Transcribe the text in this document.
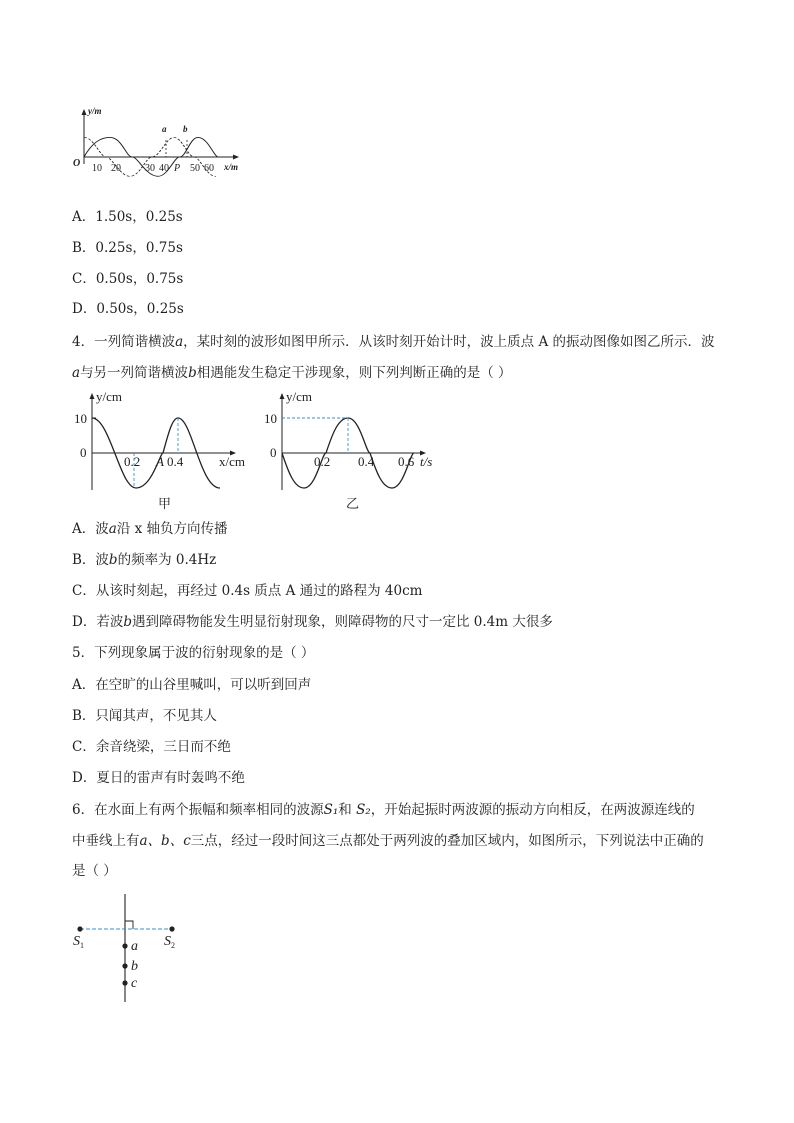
y/m
x/m
O
a b
10 20 30 40 P 50 60
A．1.50s，0.25s
B．0.25s，0.75s
C．0.50s，0.75s
D．0.50s，0.25s
4．一列简谐横波a，某时刻的波形如图甲所示．从该时刻开始计时，波上质点 A 的振动图像如图乙所示．波
a与另一列简谐横波b相遇能发生稳定干涉现象，则下列判断正确的是（ ）
y/cm
10
0
0.2 A 0.4	x/cm
甲
y/cm
10
0
0.2 0.4 0.6 t/s
乙
A．波a沿 x 轴负方向传播
B．波b的频率为 0.4Hz
C．从该时刻起，再经过 0.4s 质点 A 通过的路程为 40cm
D．若波b遇到障碍物能发生明显衍射现象，则障碍物的尺寸一定比 0.4m 大很多
5．下列现象属于波的衍射现象的是（ ）
A．在空旷的山谷里喊叫，可以听到回声
B．只闻其声，不见其人
C．余音绕梁，三日而不绝
D．夏日的雷声有时轰鸣不绝
6．在水面上有两个振幅和频率相同的波源S₁和 S₂，开始起振时两波源的振动方向相反，在两波源连线的
中垂线上有a、b、c三点，经过一段时间这三点都处于两列波的叠加区域内，如图所示，下列说法中正确的
是（ ）
$S_1$	$S_2$
a
b
c
